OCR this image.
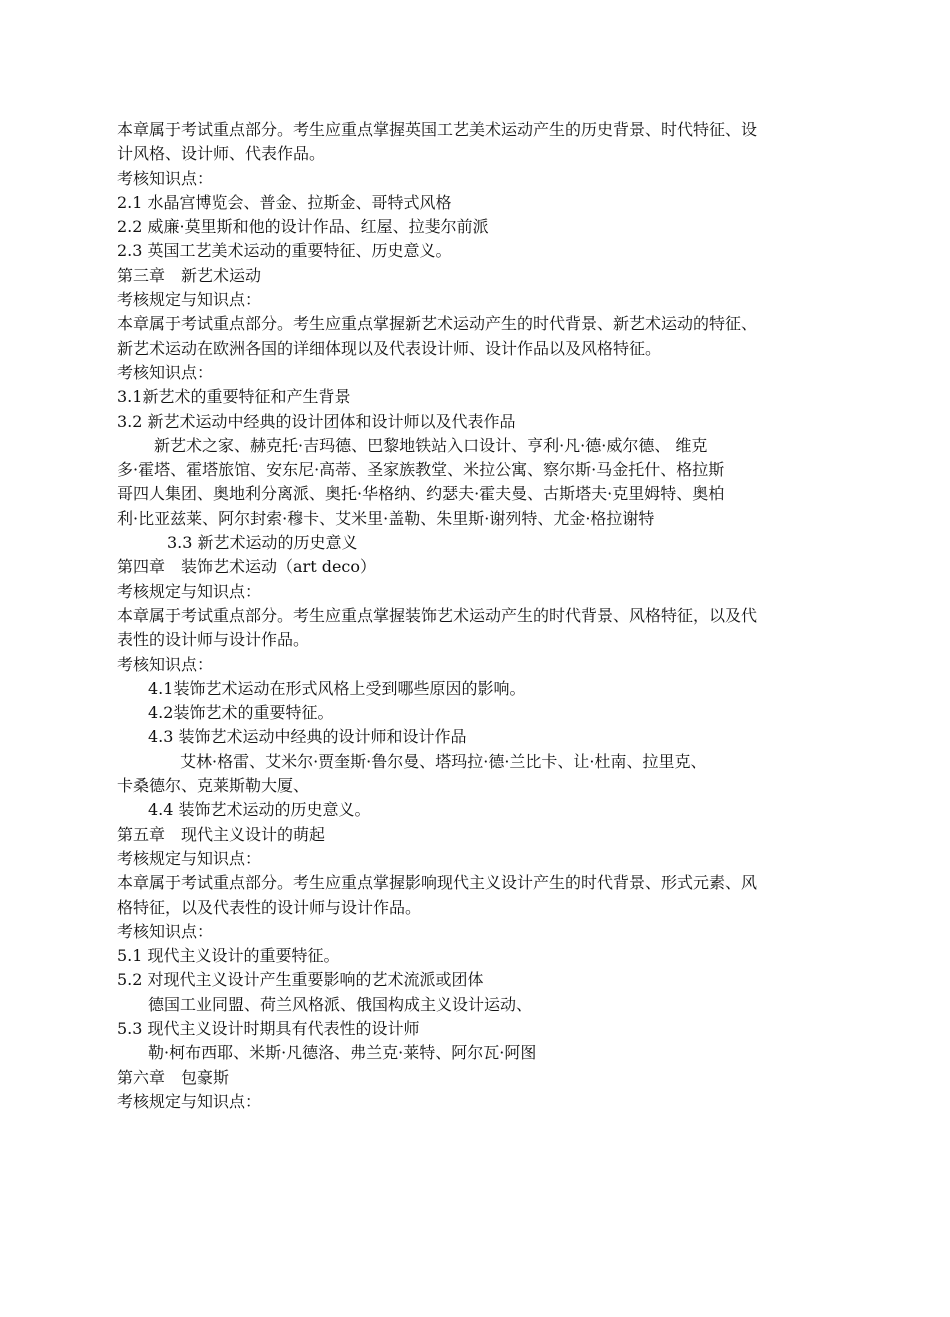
本章属于考试重点部分。考生应重点掌握英国工艺美术运动产生的历史背景、时代特征、设
计风格、设计师、代表作品。
考核知识点：
2.1 水晶宫博览会、普金、拉斯金、哥特式风格
2.2 威廉·莫里斯和他的设计作品、红屋、拉斐尔前派
2.3 英国工艺美术运动的重要特征、历史意义。
第三章　新艺术运动
考核规定与知识点：
本章属于考试重点部分。考生应重点掌握新艺术运动产生的时代背景、新艺术运动的特征、
新艺术运动在欧洲各国的详细体现以及代表设计师、设计作品以及风格特征。
考核知识点：
3.1新艺术的重要特征和产生背景
3.2 新艺术运动中经典的设计团体和设计师以及代表作品
新艺术之家、赫克托·吉玛德、巴黎地铁站入口设计、亨利·凡·德·威尔德、 维克
多·霍塔、霍塔旅馆、安东尼·高蒂、圣家族教堂、米拉公寓、察尔斯·马金托什、格拉斯
哥四人集团、奥地利分离派、奥托·华格纳、约瑟夫·霍夫曼、古斯塔夫·克里姆特、奥柏
利·比亚兹莱、阿尔封索·穆卡、艾米里·盖勒、朱里斯·谢列特、尤金·格拉谢特
3.3 新艺术运动的历史意义
第四章　装饰艺术运动（art deco）
考核规定与知识点：
本章属于考试重点部分。考生应重点掌握装饰艺术运动产生的时代背景、风格特征，以及代
表性的设计师与设计作品。
考核知识点：
4.1装饰艺术运动在形式风格上受到哪些原因的影响。
4.2装饰艺术的重要特征。
4.3 装饰艺术运动中经典的设计师和设计作品
艾林·格雷、艾米尔·贾奎斯·鲁尔曼、塔玛拉·德·兰比卡、让·杜南、拉里克、
卡桑德尔、克莱斯勒大厦、
4.4 装饰艺术运动的历史意义。
第五章　现代主义设计的萌起
考核规定与知识点：
本章属于考试重点部分。考生应重点掌握影响现代主义设计产生的时代背景、形式元素、风
格特征，以及代表性的设计师与设计作品。
考核知识点：
5.1 现代主义设计的重要特征。
5.2 对现代主义设计产生重要影响的艺术流派或团体
德国工业同盟、荷兰风格派、俄国构成主义设计运动、
5.3 现代主义设计时期具有代表性的设计师
勒·柯布西耶、米斯·凡德洛、弗兰克·莱特、阿尔瓦·阿图
第六章　包豪斯
考核规定与知识点：
